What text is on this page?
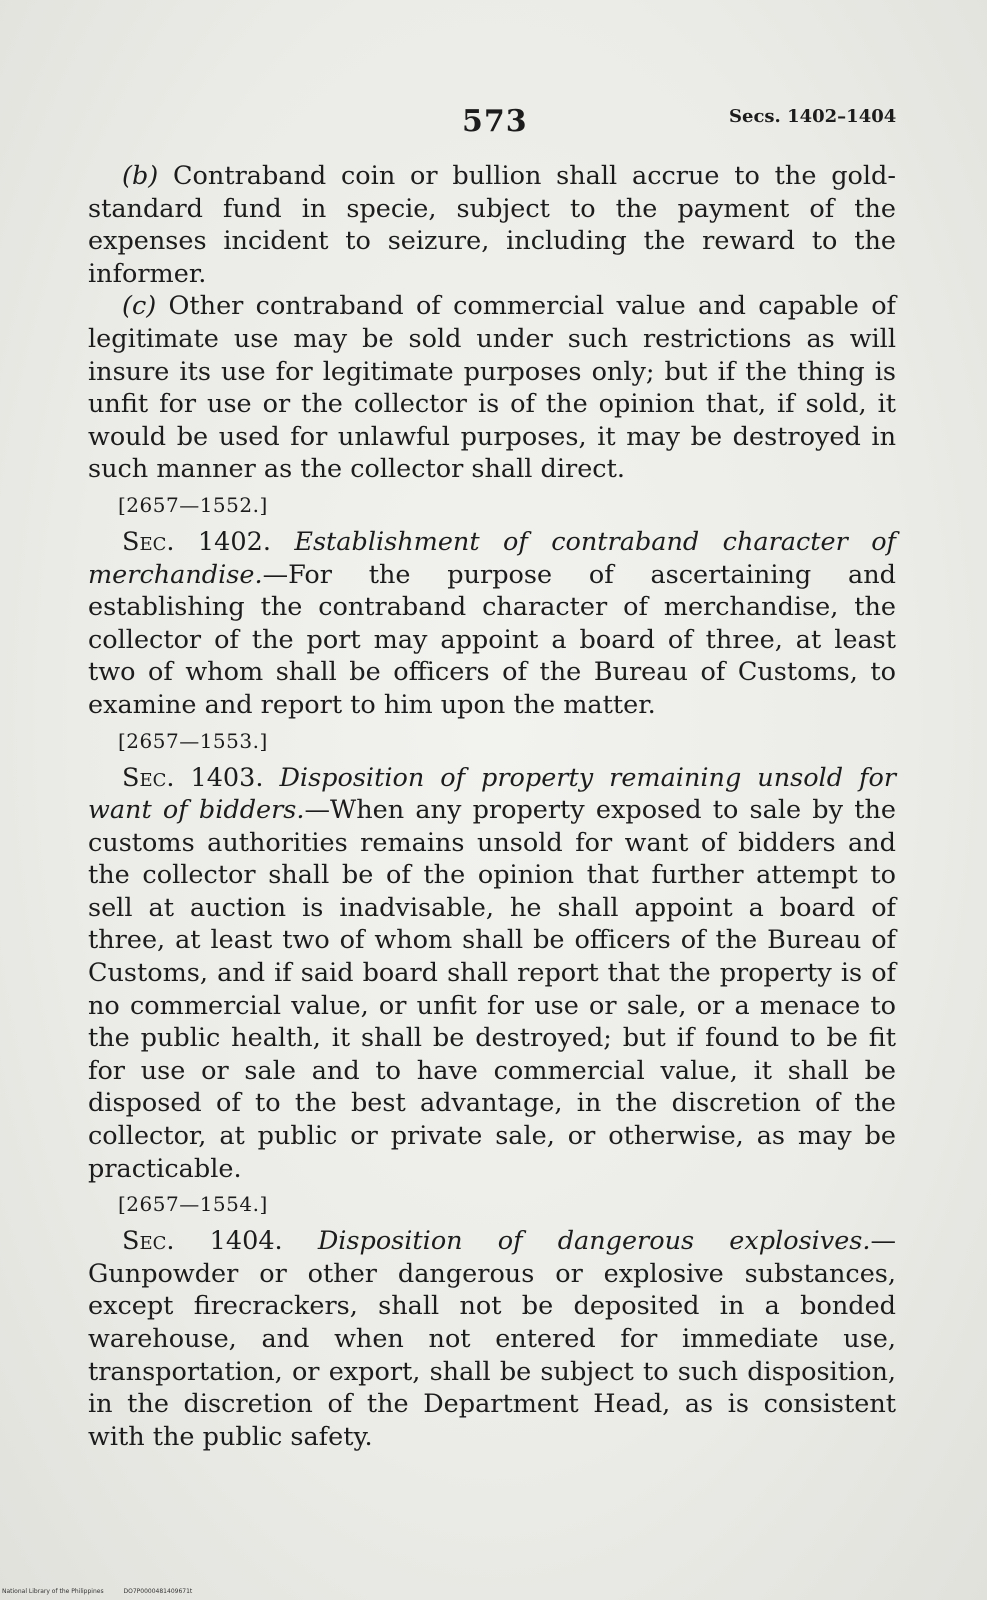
573	Secs. 1402–1404

(b) Contraband coin or bullion shall accrue to the gold-standard fund in specie, subject to the payment of the expenses incident to seizure, including the reward to the informer.

(c) Other contraband of commercial value and capable of legitimate use may be sold under such restrictions as will insure its use for legitimate purposes only; but if the thing is unfit for use or the collector is of the opinion that, if sold, it would be used for unlawful purposes, it may be destroyed in such manner as the collector shall direct.

[2657—1552.]

Sec. 1402. Establishment of contraband character of merchandise.—For the purpose of ascertaining and establishing the contraband character of merchandise, the collector of the port may appoint a board of three, at least two of whom shall be officers of the Bureau of Customs, to examine and report to him upon the matter.

[2657—1553.]

Sec. 1403. Disposition of property remaining unsold for want of bidders.—When any property exposed to sale by the customs authorities remains unsold for want of bidders and the collector shall be of the opinion that further attempt to sell at auction is inadvisable, he shall appoint a board of three, at least two of whom shall be officers of the Bureau of Customs, and if said board shall report that the property is of no commercial value, or unfit for use or sale, or a menace to the public health, it shall be destroyed; but if found to be fit for use or sale and to have commercial value, it shall be disposed of to the best advantage, in the discretion of the collector, at public or private sale, or otherwise, as may be practicable.

[2657—1554.]

Sec. 1404. Disposition of dangerous explosives.—Gunpowder or other dangerous or explosive substances, except firecrackers, shall not be deposited in a bonded warehouse, and when not entered for immediate use, transportation, or export, shall be subject to such disposition, in the discretion of the Department Head, as is consistent with the public safety.

National Library of the Philippines	DO7P0000481409671t
